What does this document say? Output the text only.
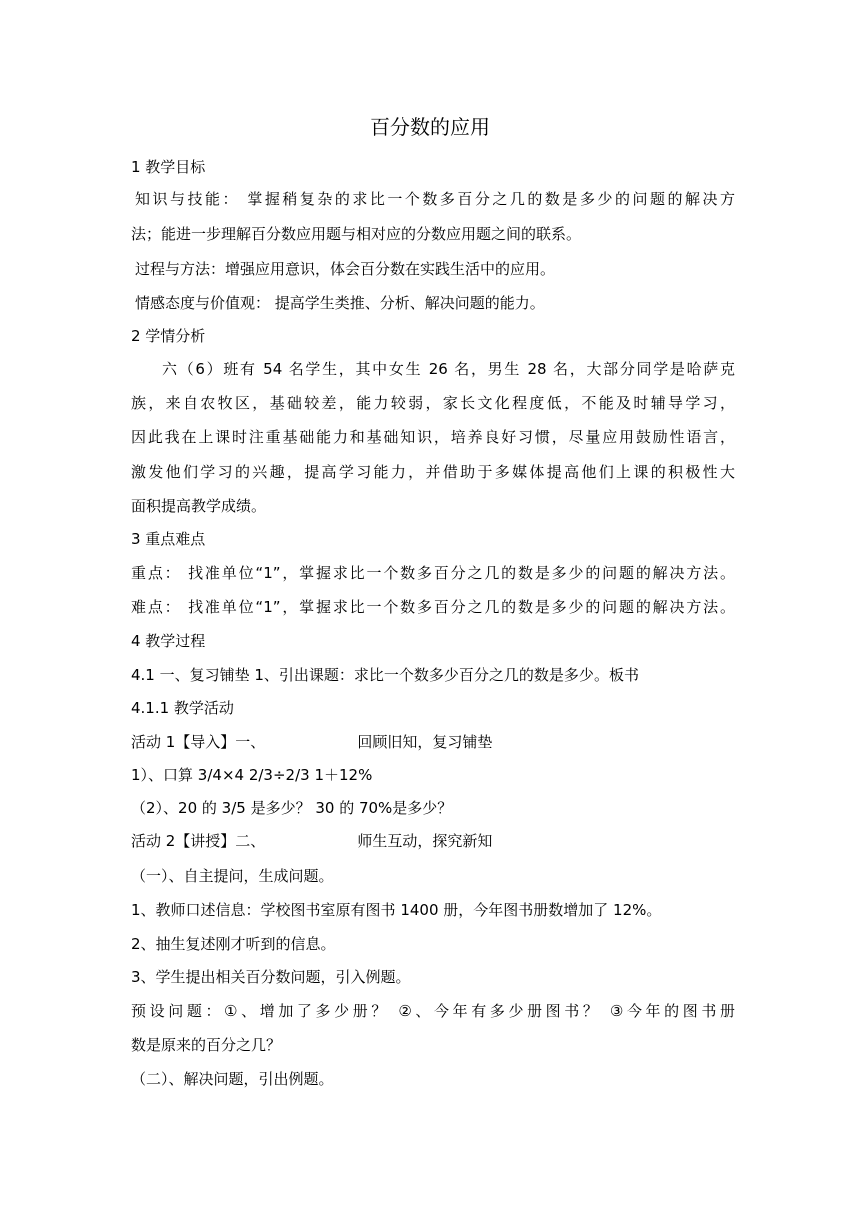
百分数的应用
1 教学目标
知识与技能： 掌握稍复杂的求比一个数多百分之几的数是多少的问题的解决方
法；能进一步理解百分数应用题与相对应的分数应用题之间的联系。
过程与方法：增强应用意识，体会百分数在实践生活中的应用。
情感态度与价值观： 提高学生类推、分析、解决问题的能力。
2 学情分析
六（6）班有 54 名学生，其中女生 26 名，男生 28 名，大部分同学是哈萨克
族，来自农牧区，基础较差，能力较弱，家长文化程度低，不能及时辅导学习，
因此我在上课时注重基础能力和基础知识，培养良好习惯，尽量应用鼓励性语言，
激发他们学习的兴趣，提高学习能力，并借助于多媒体提高他们上课的积极性大
面积提高教学成绩。
3 重点难点
重点： 找准单位“1”，掌握求比一个数多百分之几的数是多少的问题的解决方法。
难点： 找准单位“1”，掌握求比一个数多百分之几的数是多少的问题的解决方法。
4 教学过程
4.1 一、复习铺垫 1、引出课题：求比一个数多少百分之几的数是多少。板书
4.1.1 教学活动
活动 1【导入】一、	回顾旧知，复习铺垫
1）、口算 3/4×4 2/3÷2/3 1＋12%
（2）、20 的 3/5 是多少？ 30 的 70%是多少？
活动 2【讲授】二、	师生互动，探究新知
（一）、自主提问，生成问题。
1、教师口述信息：学校图书室原有图书 1400 册，今年图书册数增加了 12%。
2、抽生复述刚才听到的信息。
3、学生提出相关百分数问题，引入例题。
预设问题：①、增加了多少册？ ②、今年有多少册图书？ ③今年的图书册
数是原来的百分之几？
（二）、解决问题，引出例题。
